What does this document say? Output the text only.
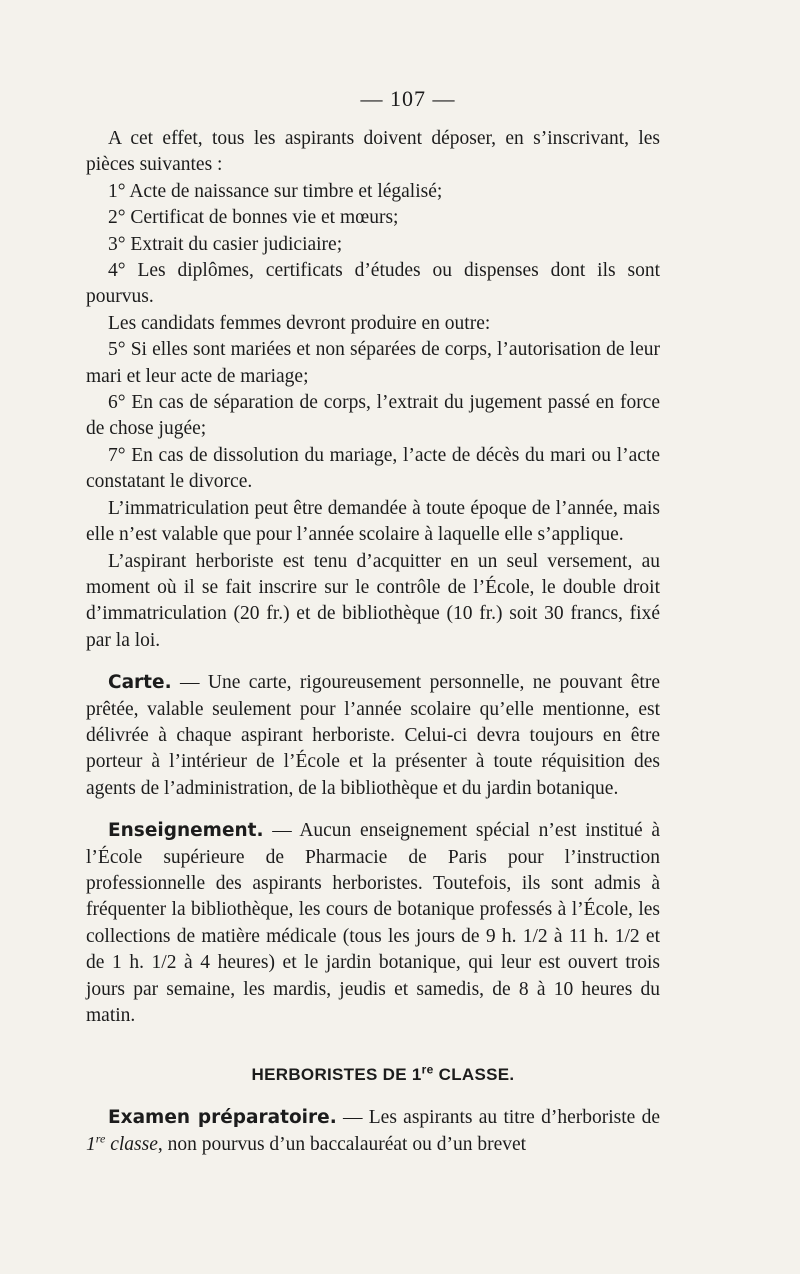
— 107 —

A cet effet, tous les aspirants doivent déposer, en s’inscrivant, les pièces suivantes :

1° Acte de naissance sur timbre et légalisé;

2° Certificat de bonnes vie et mœurs;

3° Extrait du casier judiciaire;

4° Les diplômes, certificats d’études ou dispenses dont ils sont pourvus.

Les candidats femmes devront produire en outre:

5° Si elles sont mariées et non séparées de corps, l’autorisation de leur mari et leur acte de mariage;

6° En cas de séparation de corps, l’extrait du jugement passé en force de chose jugée;

7° En cas de dissolution du mariage, l’acte de décès du mari ou l’acte constatant le divorce.

L’immatriculation peut être demandée à toute époque de l’année, mais elle n’est valable que pour l’année scolaire à laquelle elle s’applique.

L’aspirant herboriste est tenu d’acquitter en un seul versement, au moment où il se fait inscrire sur le contrôle de l’École, le double droit d’immatriculation (20 fr.) et de bibliothèque (10 fr.) soit 30 francs, fixé par la loi.

Carte. — Une carte, rigoureusement personnelle, ne pouvant être prêtée, valable seulement pour l’année scolaire qu’elle mentionne, est délivrée à chaque aspirant herboriste. Celui-ci devra toujours en être porteur à l’intérieur de l’École et la présenter à toute réquisition des agents de l’administration, de la bibliothèque et du jardin botanique.

Enseignement. — Aucun enseignement spécial n’est institué à l’École supérieure de Pharmacie de Paris pour l’instruction professionnelle des aspirants herboristes. Toutefois, ils sont admis à fréquenter la bibliothèque, les cours de botanique professés à l’École, les collections de matière médicale (tous les jours de 9 h. 1/2 à 11 h. 1/2 et de 1 h. 1/2 à 4 heures) et le jardin botanique, qui leur est ouvert trois jours par semaine, les mardis, jeudis et samedis, de 8 à 10 heures du matin.

HERBORISTES DE 1re CLASSE.

Examen préparatoire. — Les aspirants au titre d’herboriste de 1re classe, non pourvus d’un baccalauréat ou d’un brevet
